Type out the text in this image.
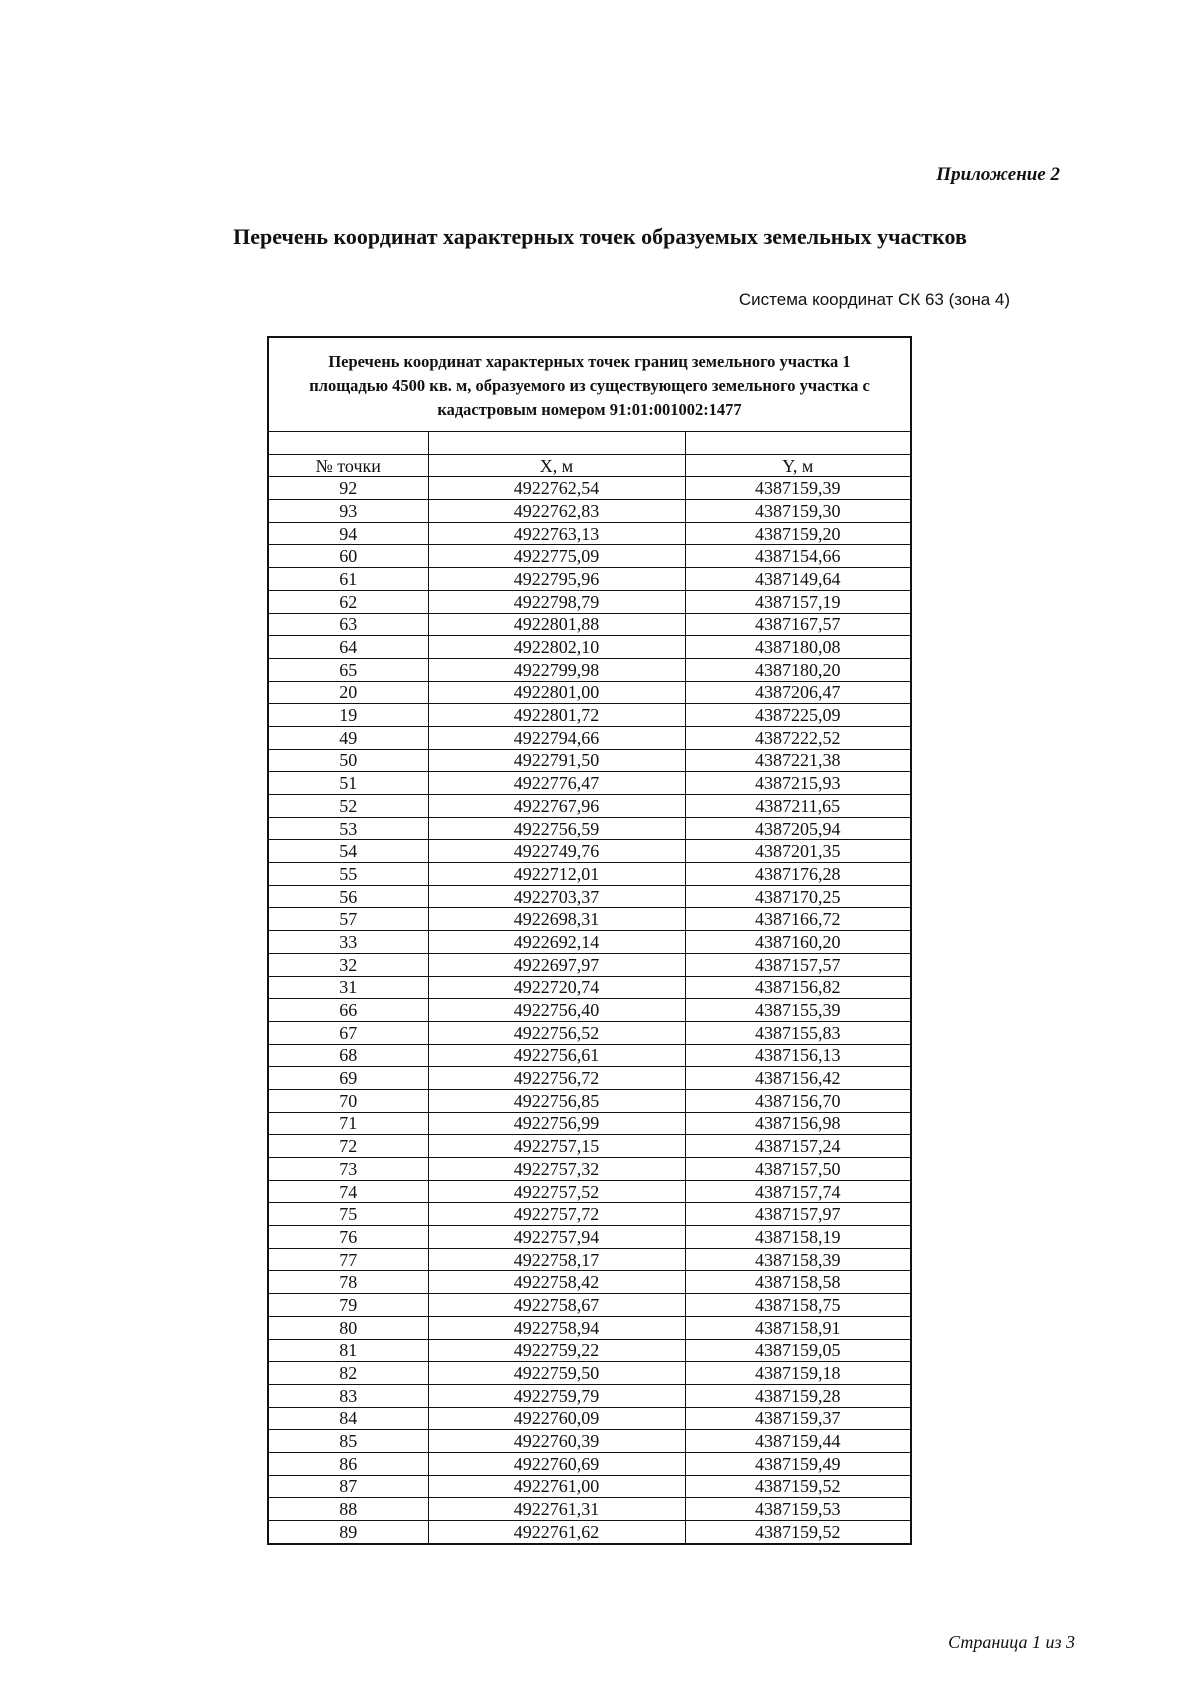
Приложение 2
Перечень координат характерных точек образуемых земельных участков
Система координат СК 63 (зона 4)
Перечень координат характерных точек границ земельного участка 1 площадью 4500 кв. м, образуемого из существующего земельного участка с кадастровым номером 91:01:001002:1477

№ точки	X, м	Y, м
92	4922762,54	4387159,39
93	4922762,83	4387159,30
94	4922763,13	4387159,20
60	4922775,09	4387154,66
61	4922795,96	4387149,64
62	4922798,79	4387157,19
63	4922801,88	4387167,57
64	4922802,10	4387180,08
65	4922799,98	4387180,20
20	4922801,00	4387206,47
19	4922801,72	4387225,09
49	4922794,66	4387222,52
50	4922791,50	4387221,38
51	4922776,47	4387215,93
52	4922767,96	4387211,65
53	4922756,59	4387205,94
54	4922749,76	4387201,35
55	4922712,01	4387176,28
56	4922703,37	4387170,25
57	4922698,31	4387166,72
33	4922692,14	4387160,20
32	4922697,97	4387157,57
31	4922720,74	4387156,82
66	4922756,40	4387155,39
67	4922756,52	4387155,83
68	4922756,61	4387156,13
69	4922756,72	4387156,42
70	4922756,85	4387156,70
71	4922756,99	4387156,98
72	4922757,15	4387157,24
73	4922757,32	4387157,50
74	4922757,52	4387157,74
75	4922757,72	4387157,97
76	4922757,94	4387158,19
77	4922758,17	4387158,39
78	4922758,42	4387158,58
79	4922758,67	4387158,75
80	4922758,94	4387158,91
81	4922759,22	4387159,05
82	4922759,50	4387159,18
83	4922759,79	4387159,28
84	4922760,09	4387159,37
85	4922760,39	4387159,44
86	4922760,69	4387159,49
87	4922761,00	4387159,52
88	4922761,31	4387159,53
89	4922761,62	4387159,52
Страница 1 из 3
